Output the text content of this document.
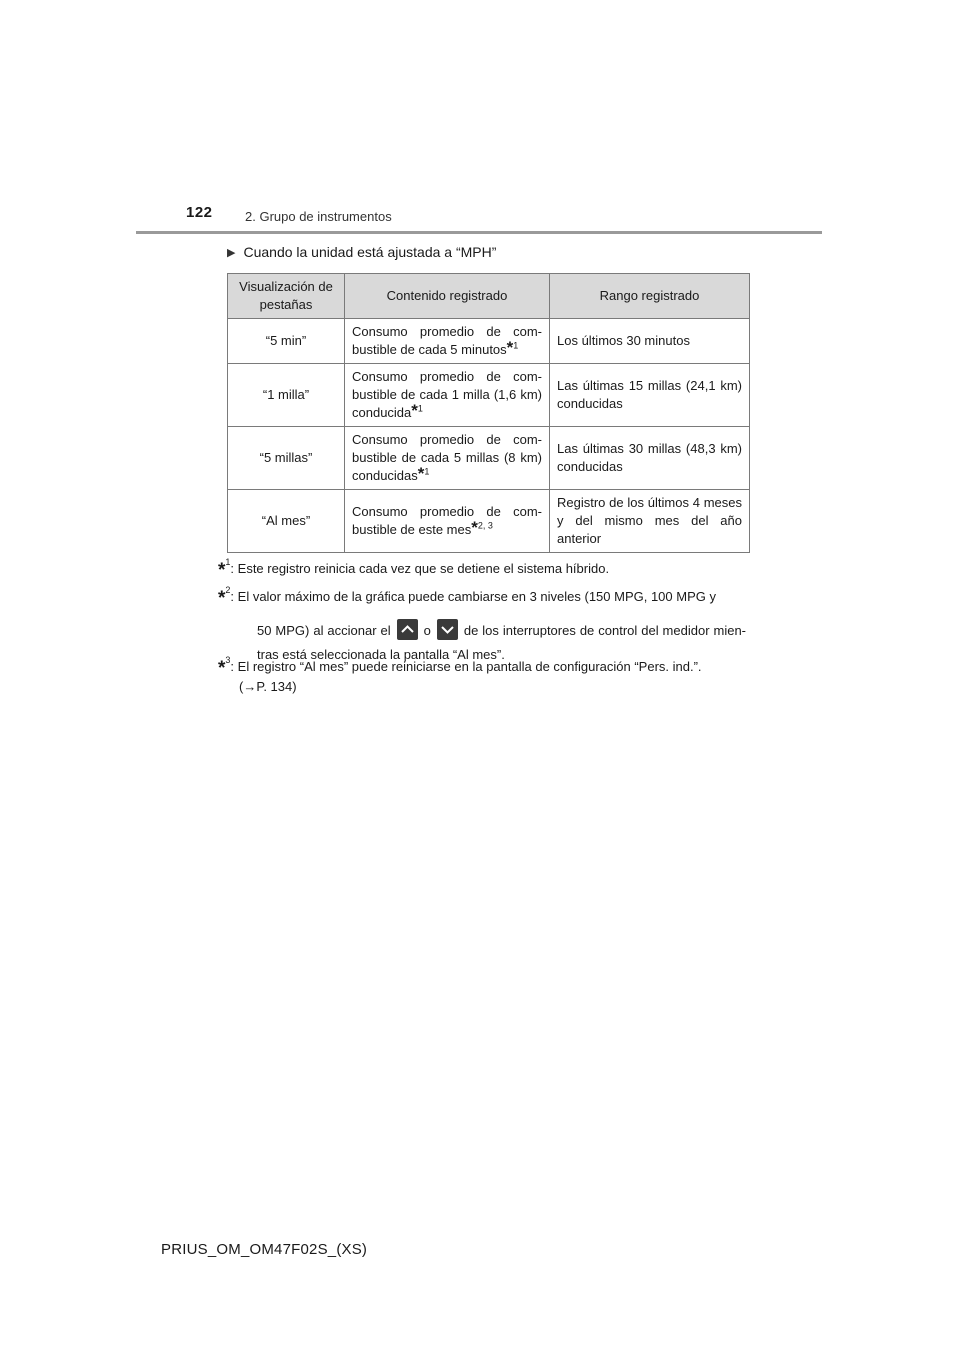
122 2. Grupo de instrumentos
▶ Cuando la unidad está ajustada a “MPH”
Visualización de pestañas	Contenido registrado	Rango registrado
“5 min”	Consumo promedio de com- bustible de cada 5 minutos*$^1$	Los últimos 30 minutos
“1 milla”	Consumo promedio de com- bustible de cada 1 milla (1,6 km) conducida*$^1$	Las últimas 15 millas (24,1 km) conducidas
“5 millas”	Consumo promedio de com- bustible de cada 5 millas (8 km) conducidas*$^1$	Las últimas 30 millas (48,3 km) conducidas
“Al mes”	Consumo promedio de com- bustible de este mes*$^{2, 3}$	Registro de los últimos 4 meses y del mismo mes del año anterior
*$^1$: Este registro reinicia cada vez que se detiene el sistema híbrido.
*$^2$: El valor máximo de la gráfica puede cambiarse en 3 niveles (150 MPG, 100 MPG y
50 MPG) al accionar el	o	de los interruptores de control del medidor mien- tras está seleccionada la pantalla “Al mes”.
*$^3$: El registro “Al mes” puede reiniciarse en la pantalla de configuración “Pers. ind.”.
(→P. 134)
PRIUS_OM_OM47F02S_(XS)
